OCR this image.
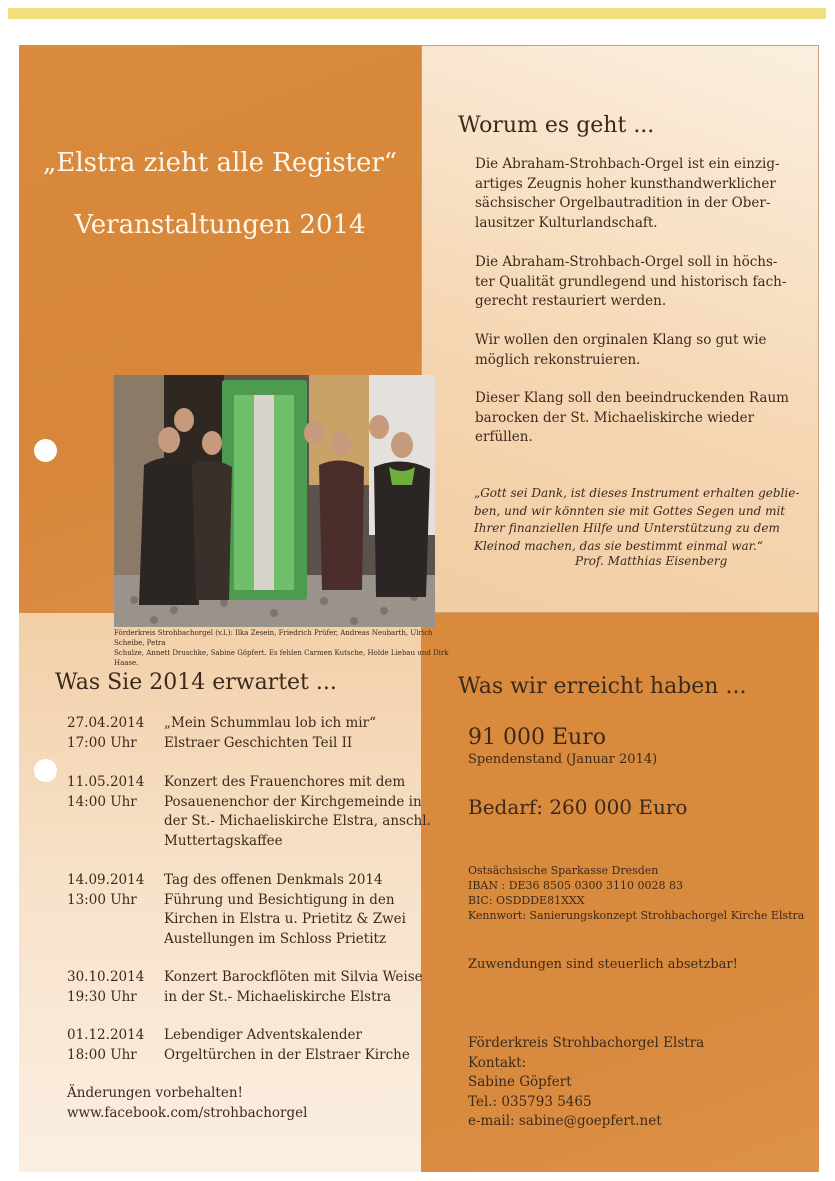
„Elstra zieht alle Register“
Veranstaltungen 2014
Worum es geht ...
Die Abraham-Strohbach-Orgel ist ein einzig-
artiges Zeugnis hoher kunsthandwerklicher
sächsischer Orgelbautradition in der Ober-
lausitzer Kulturlandschaft.
Die Abraham-Strohbach-Orgel soll in höchs-
ter Qualität grundlegend und historisch fach-
gerecht restauriert werden.
Wir wollen den orginalen Klang so gut wie
möglich rekonstruieren.
Dieser Klang soll den beeindruckenden Raum
barocken der St. Michaeliskirche wieder
erfüllen.
„Gott sei Dank, ist dieses Instrument erhalten geblie-
ben, und wir könnten sie mit Gottes Segen und mit
Ihrer finanziellen Hilfe und Unterstützung zu dem
Kleinod machen, das sie bestimmt einmal war.“
Prof. Matthias Eisenberg
Förderkreis Strohbachorgel (v.l.): Ilka Zesein, Friedrich Prüfer, Andreas Neubarth, Ulrich Scheibe, Petra
Schulze, Annett Druschke, Sabine Göpfert. Es fehlen Carmen Kutsche, Holde Liebau und Dirk Haase.
Was Sie 2014 erwartet ...
27.04.2014
17:00 Uhr
„Mein Schummlau lob ich mir“
Elstraer Geschichten Teil II
11.05.2014
14:00 Uhr
Konzert des Frauenchores mit dem
Posauenenchor der Kirchgemeinde in
der St.- Michaeliskirche Elstra, anschl.
Muttertagskaffee
14.09.2014
13:00 Uhr
Tag des offenen Denkmals 2014
Führung und Besichtigung in den
Kirchen in Elstra u. Prietitz & Zwei
Austellungen im Schloss Prietitz
30.10.2014
19:30 Uhr
Konzert Barockflöten mit Silvia Weise
in der St.- Michaeliskirche Elstra
01.12.2014
18:00 Uhr
Lebendiger Adventskalender
Orgeltürchen in der Elstraer Kirche
Änderungen vorbehalten!
www.facebook.com/strohbachorgel
Was wir erreicht haben ...
91 000 Euro
Spendenstand (Januar 2014)
Bedarf: 260 000 Euro
Ostsächsische Sparkasse Dresden
IBAN : DE36 8505 0300 3110 0028 83
BIC: OSDDDE81XXX
Kennwort: Sanierungskonzept Strohbachorgel Kirche Elstra
Zuwendungen sind steuerlich absetzbar!
Förderkreis Strohbachorgel Elstra
Kontakt:
Sabine Göpfert
Tel.: 035793 5465
e-mail: sabine@goepfert.net
